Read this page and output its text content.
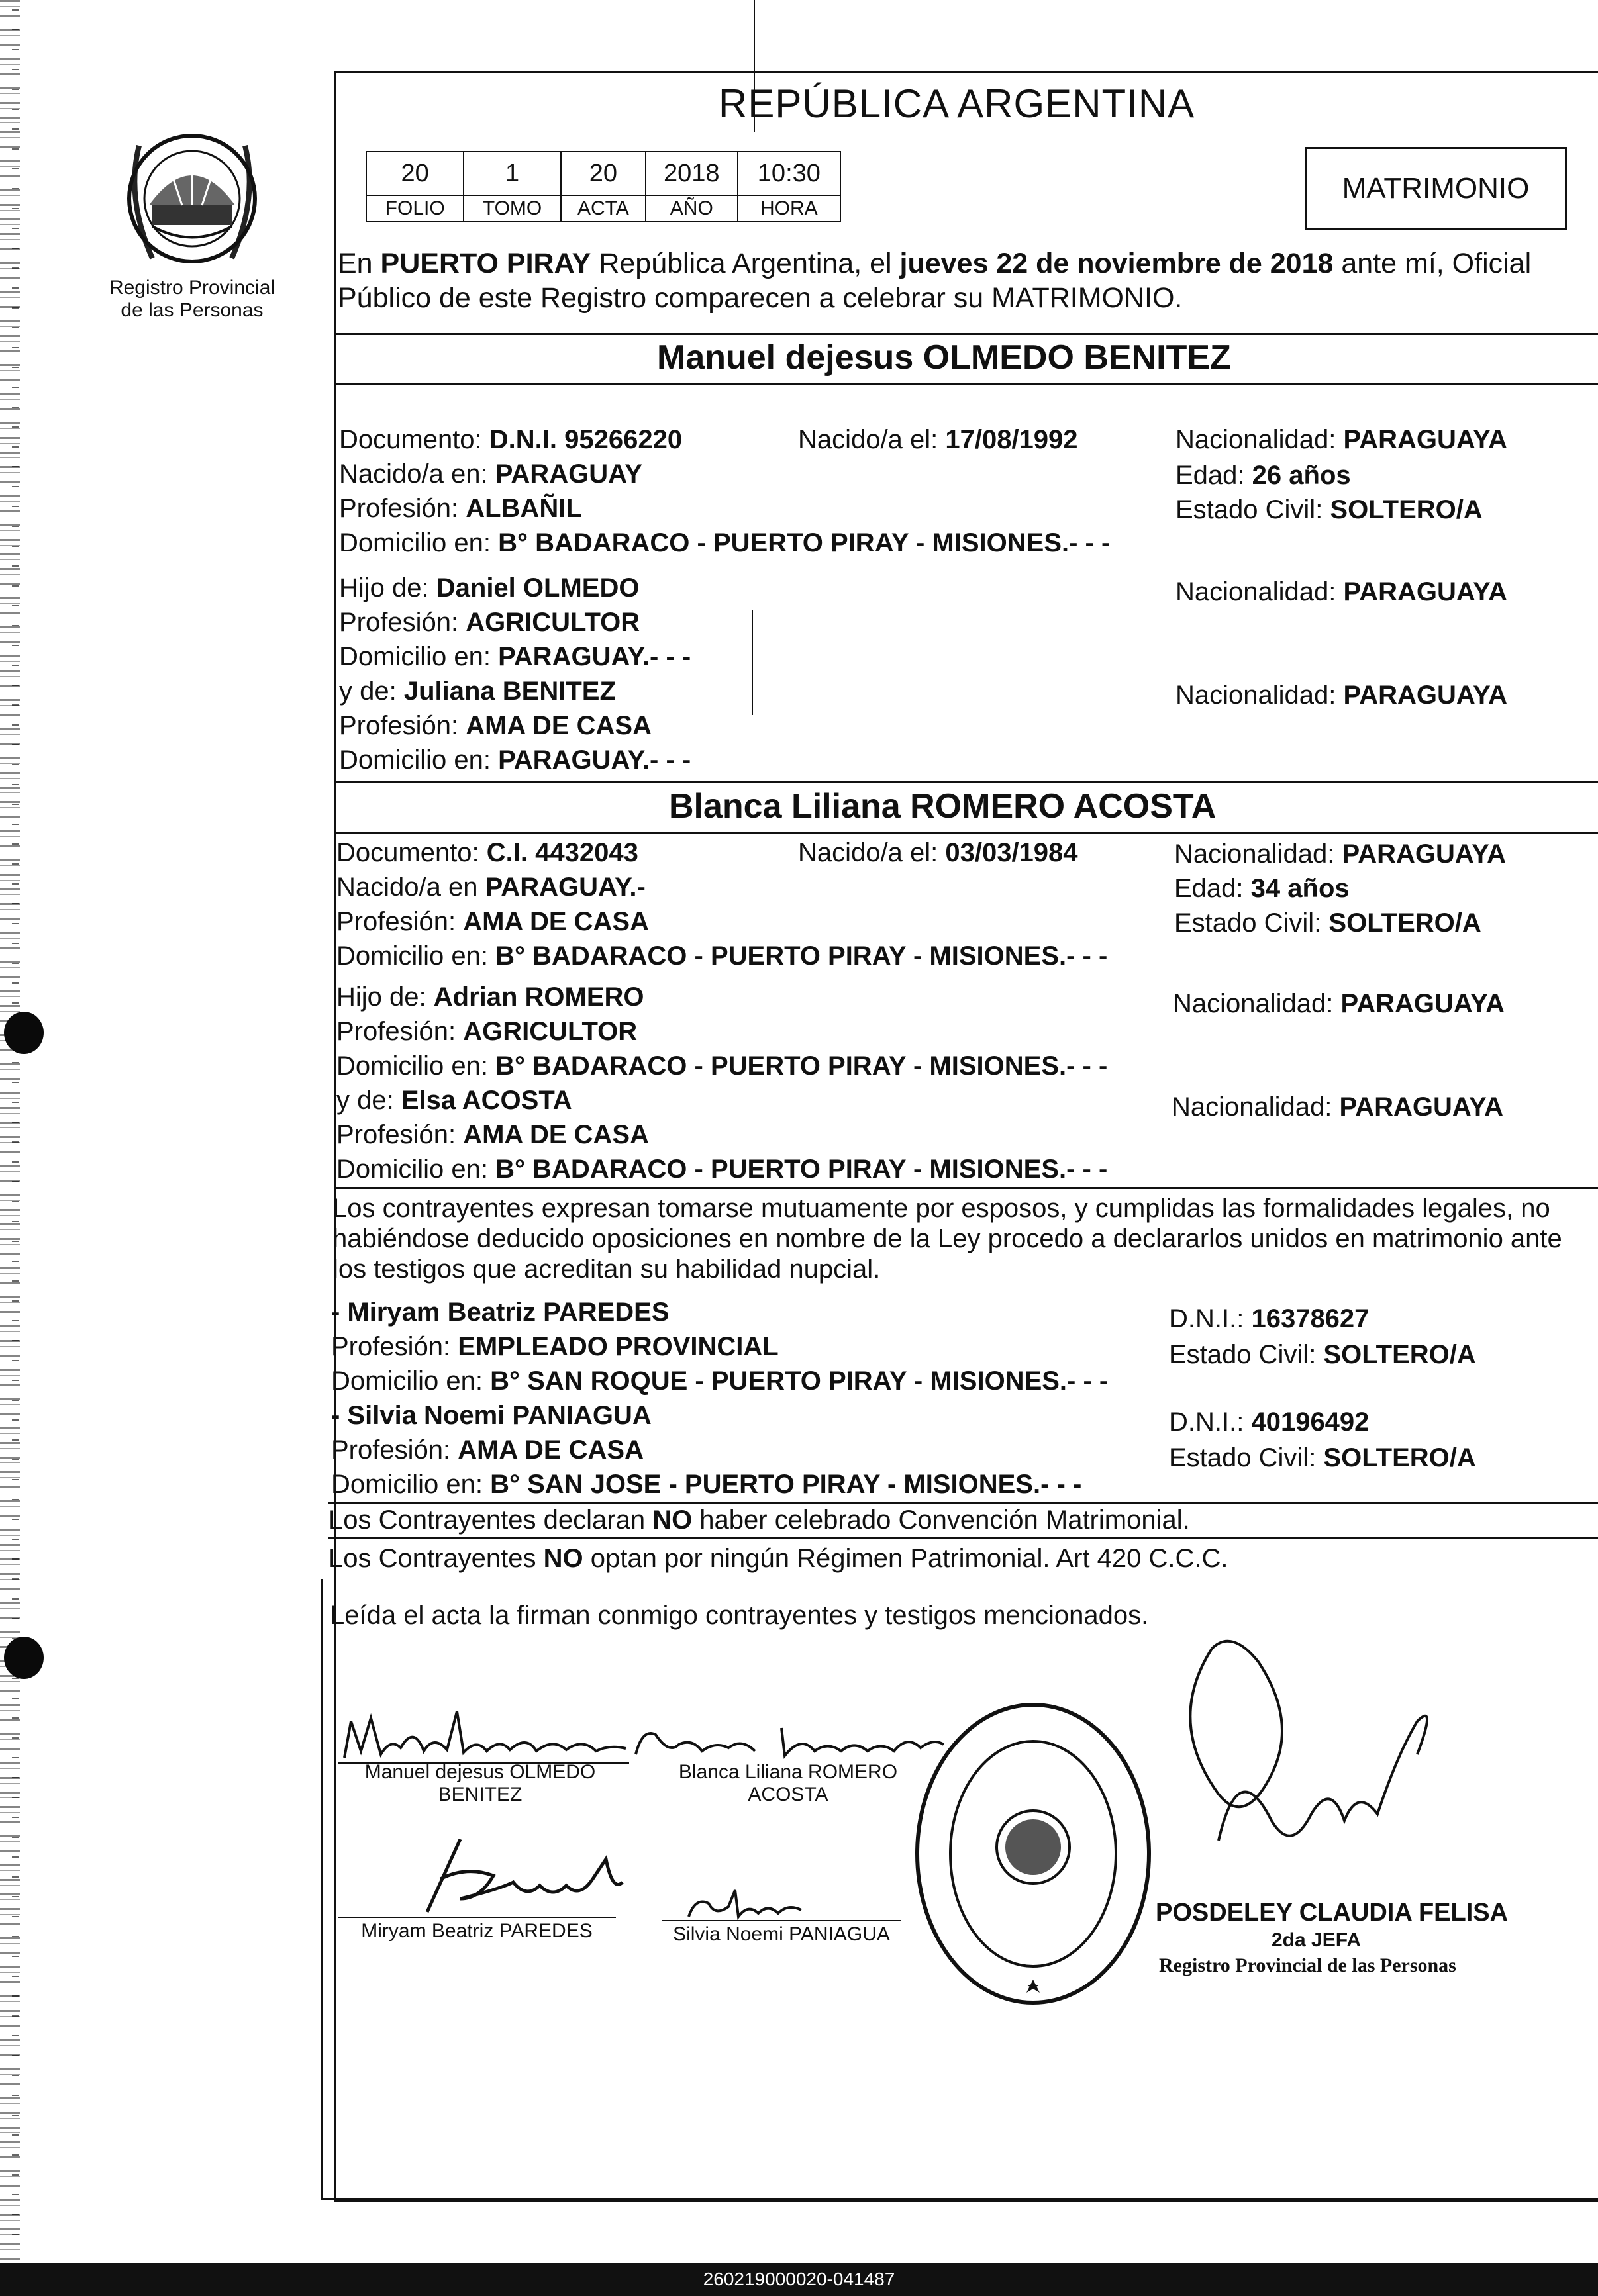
Registro Provincial
de las Personas
REPÚBLICA ARGENTINA
20	1	20	2018	10:30
FOLIO	TOMO	ACTA	AÑO	HORA
MATRIMONIO
En PUERTO PIRAY República Argentina, el jueves 22 de noviembre de 2018 ante mí, Oficial
Público de este Registro comparecen a celebrar su MATRIMONIO.
Manuel dejesus OLMEDO BENITEZ
Documento: D.N.I. 95266220	Nacido/a el: 17/08/1992	Nacionalidad: PARAGUAYA
Nacido/a en: PARAGUAY	Edad: 26 años
Profesión: ALBAÑIL	Estado Civil: SOLTERO/A
Domicilio en: B° BADARACO - PUERTO PIRAY - MISIONES.- - -
Hijo de: Daniel OLMEDO	Nacionalidad: PARAGUAYA
Profesión: AGRICULTOR
Domicilio en: PARAGUAY.- - -
y de: Juliana BENITEZ	Nacionalidad: PARAGUAYA
Profesión: AMA DE CASA
Domicilio en: PARAGUAY.- - -
Blanca Liliana ROMERO ACOSTA
Documento: C.I. 4432043	Nacido/a el: 03/03/1984	Nacionalidad: PARAGUAYA
Nacido/a en PARAGUAY.-	Edad: 34 años
Profesión: AMA DE CASA	Estado Civil: SOLTERO/A
Domicilio en: B° BADARACO - PUERTO PIRAY - MISIONES.- - -
Hijo de: Adrian ROMERO	Nacionalidad: PARAGUAYA
Profesión: AGRICULTOR
Domicilio en: B° BADARACO - PUERTO PIRAY - MISIONES.- - -
y de: Elsa ACOSTA	Nacionalidad: PARAGUAYA
Profesión: AMA DE CASA
Domicilio en: B° BADARACO - PUERTO PIRAY - MISIONES.- - -
Los contrayentes expresan tomarse mutuamente por esposos, y cumplidas las formalidades legales, no
habiéndose deducido oposiciones en nombre de la Ley procedo a declararlos unidos en matrimonio ante
los testigos que acreditan su habilidad nupcial.
- Miryam Beatriz PAREDES	D.N.I.: 16378627
Profesión: EMPLEADO PROVINCIAL	Estado Civil: SOLTERO/A
Domicilio en: B° SAN ROQUE - PUERTO PIRAY - MISIONES.- - -
- Silvia Noemi PANIAGUA	D.N.I.: 40196492
Profesión: AMA DE CASA	Estado Civil: SOLTERO/A
Domicilio en: B° SAN JOSE - PUERTO PIRAY - MISIONES.- - -
Los Contrayentes declaran NO haber celebrado Convención Matrimonial.
Los Contrayentes NO optan por ningún Régimen Patrimonial. Art 420 C.C.C.
Leída el acta la firman conmigo contrayentes y testigos mencionados.
Manuel dejesus OLMEDO
BENITEZ
Blanca Liliana ROMERO
ACOSTA
Miryam Beatriz PAREDES	Silvia Noemi PANIAGUA
POSDELEY CLAUDIA FELISA
2da JEFA
Registro Provincial de las Personas
260219000020-041487
